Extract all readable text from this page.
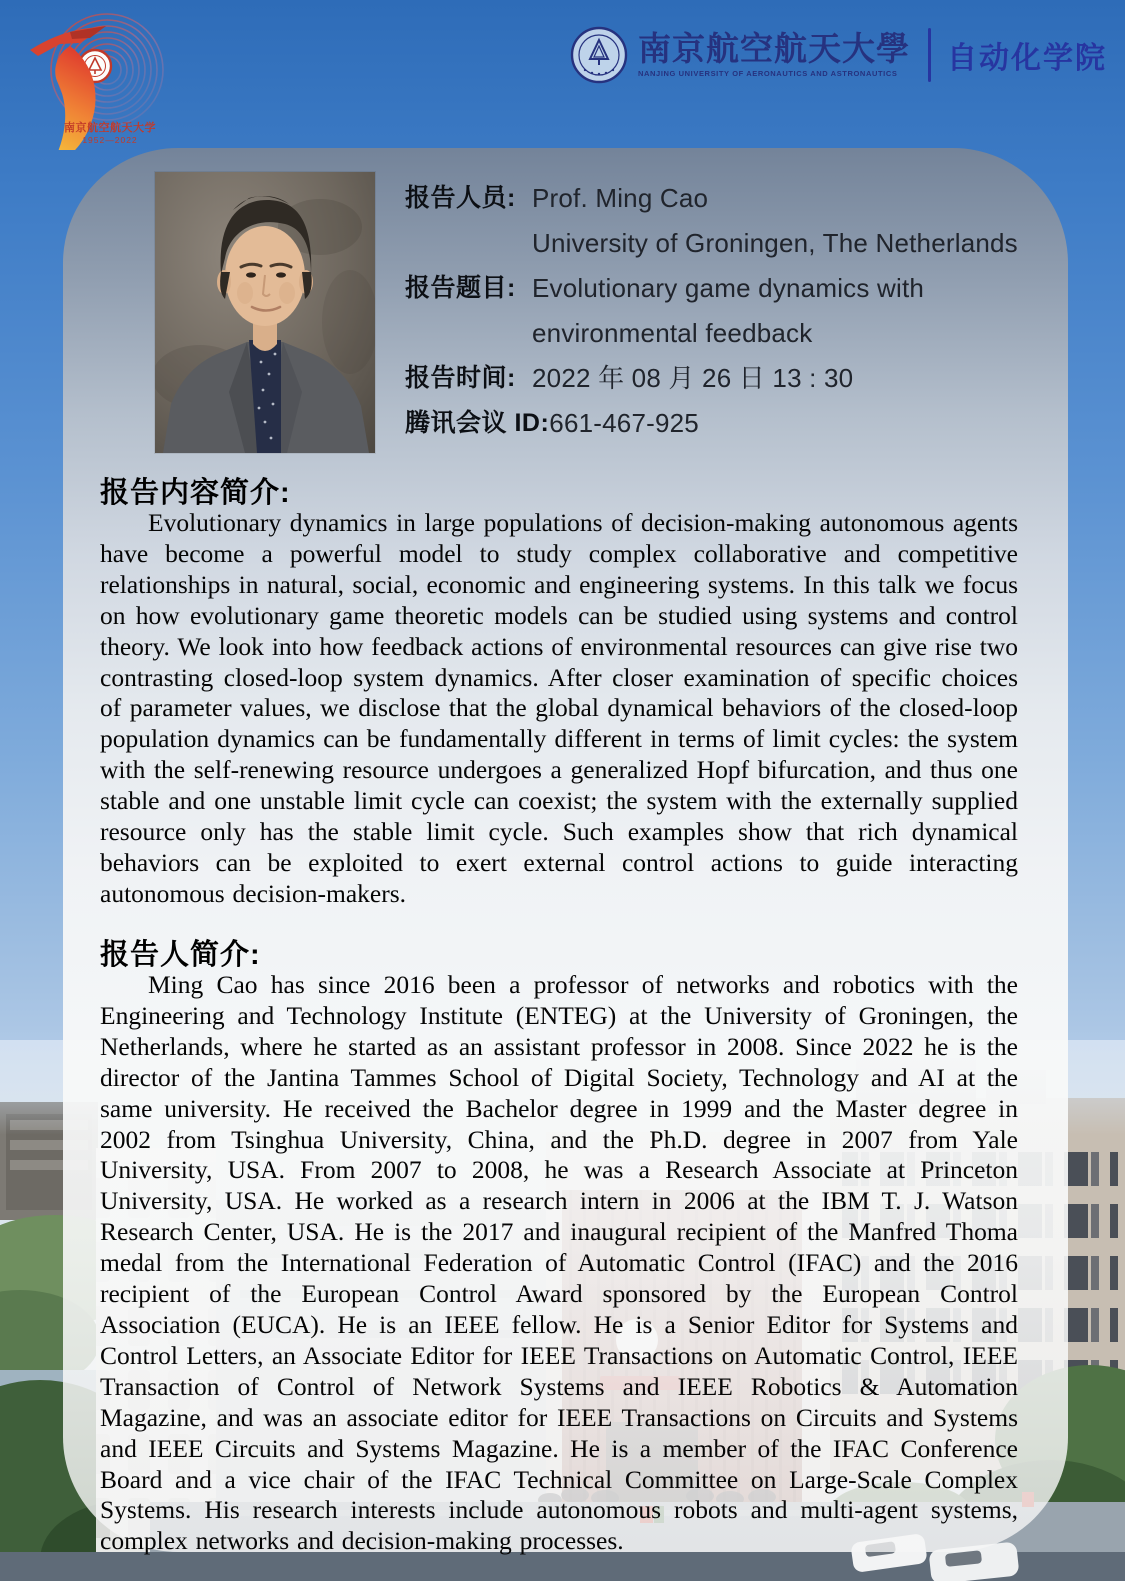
南京航空航天大学
1952—2022
南京航空航天大學
NANJING UNIVERSITY OF AERONAUTICS AND ASTRONAUTICS 自动化学院
报告人员: Prof. Ming Cao
University of Groningen, The Netherlands
报告题目: Evolutionary game dynamics with
environmental feedback
报告时间: 2022 年 08 月 26 日 13 : 30
腾讯会议 ID: 661-467-925
报告内容简介:
Evolutionary dynamics in large populations of decision-making autonomous agents have become a powerful model to study complex collaborative and competitive relationships in natural, social, economic and engineering systems. In this talk we focus on how evolutionary game theoretic models can be studied using systems and control theory. We look into how feedback actions of environmental resources can give rise two contrasting closed-loop system dynamics. After closer examination of specific choices of parameter values, we disclose that the global dynamical behaviors of the closed-loop population dynamics can be fundamentally different in terms of limit cycles: the system with the self-renewing resource undergoes a generalized Hopf bifurcation, and thus one stable and one unstable limit cycle can coexist; the system with the externally supplied resource only has the stable limit cycle. Such examples show that rich dynamical behaviors can be exploited to exert external control actions to guide interacting autonomous decision-makers.
报告人简介:
Ming Cao has since 2016 been a professor of networks and robotics with the Engineering and Technology Institute (ENTEG) at the University of Groningen, the Netherlands, where he started as an assistant professor in 2008. Since 2022 he is the director of the Jantina Tammes School of Digital Society, Technology and AI at the same university. He received the Bachelor degree in 1999 and the Master degree in 2002 from Tsinghua University, China, and the Ph.D. degree in 2007 from Yale University, USA. From 2007 to 2008, he was a Research Associate at Princeton University, USA. He worked as a research intern in 2006 at the IBM T. J. Watson Research Center, USA. He is the 2017 and inaugural recipient of the Manfred Thoma medal from the International Federation of Automatic Control (IFAC) and the 2016 recipient of the European Control Award sponsored by the European Control Association (EUCA). He is an IEEE fellow. He is a Senior Editor for Systems and Control Letters, an Associate Editor for IEEE Transactions on Automatic Control, IEEE Transaction of Control of Network Systems and IEEE Robotics & Automation Magazine, and was an associate editor for IEEE Transactions on Circuits and Systems and IEEE Circuits and Systems Magazine. He is a member of the IFAC Conference Board and a vice chair of the IFAC Technical Committee on Large-Scale Complex Systems. His research interests include autonomous robots and multi-agent systems, complex networks and decision-making processes.
